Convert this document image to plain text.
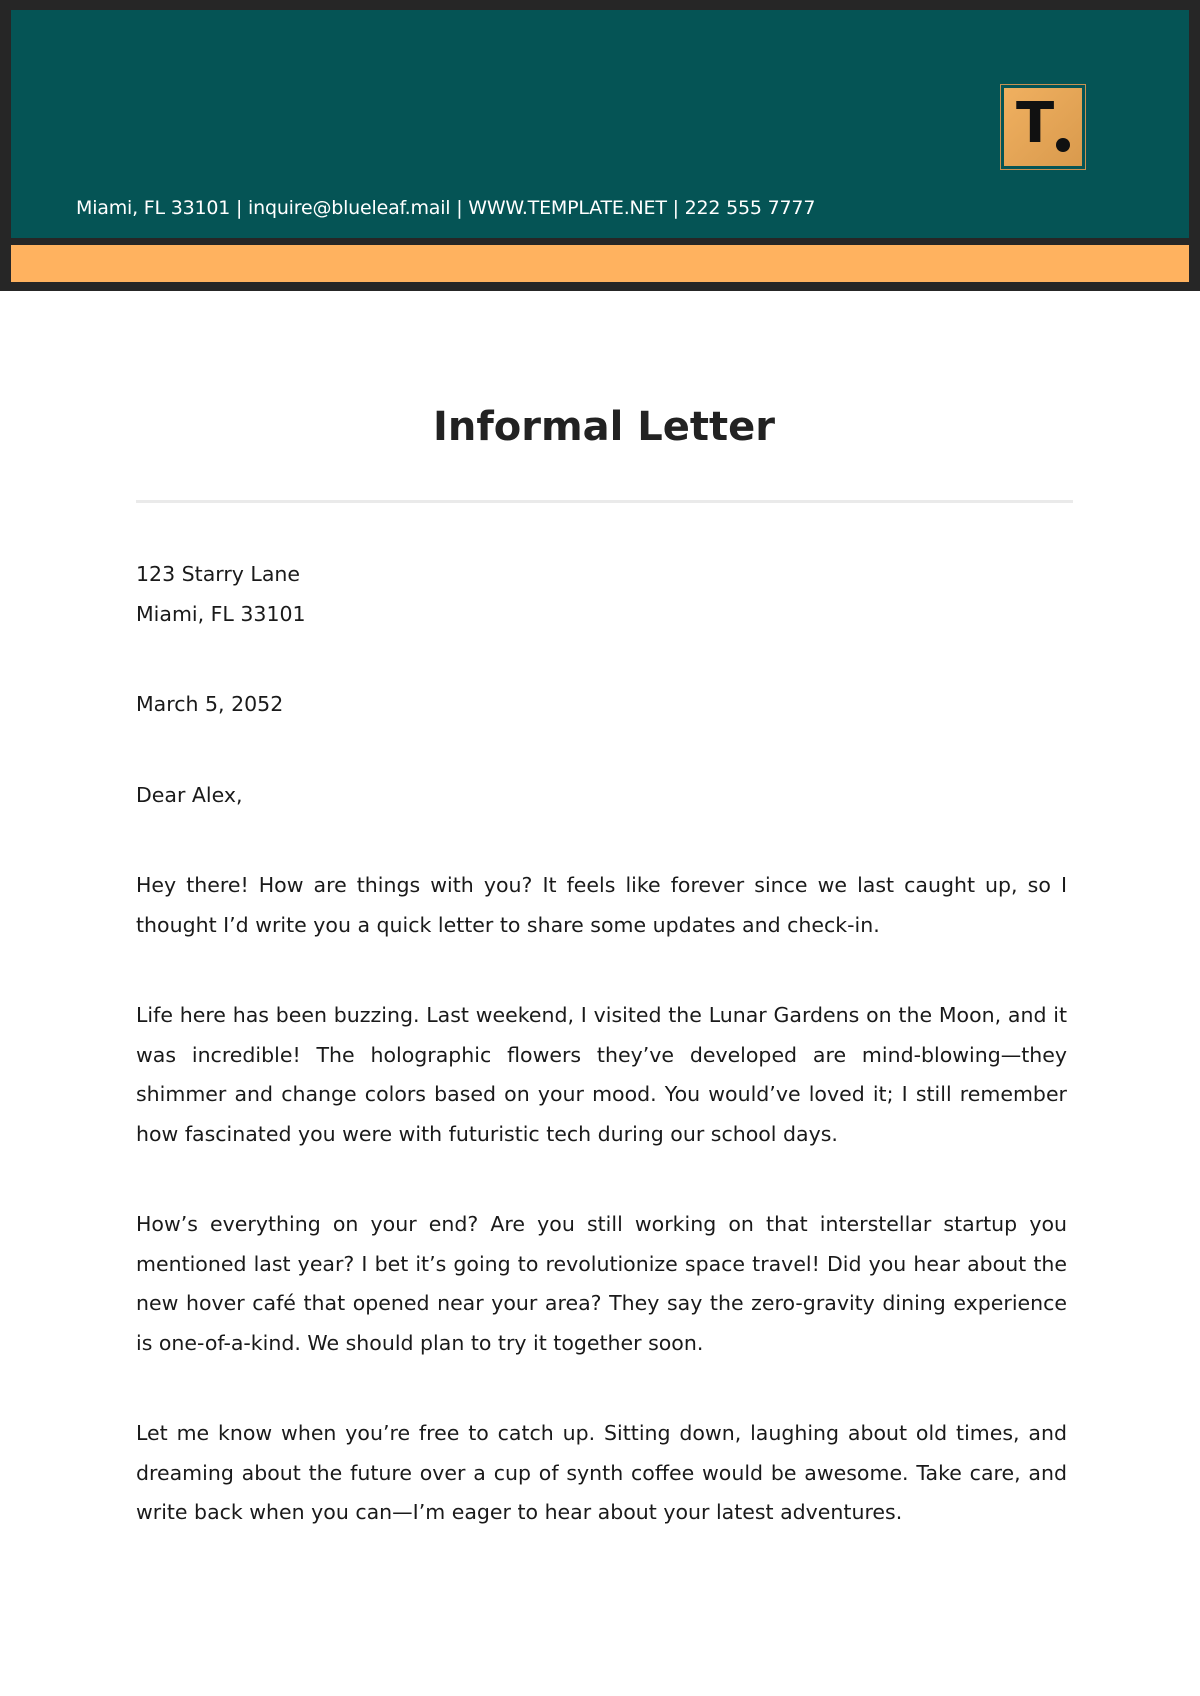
Miami, FL 33101 | inquire@blueleaf.mail | WWW.TEMPLATE.NET | 222 555 7777
T
Informal Letter

123 Starry Lane
Miami, FL 33101

March 5, 2052

Dear Alex,

Hey there! How are things with you? It feels like forever since we last caught up, so I thought I’d write you a quick letter to share some updates and check-in.

Life here has been buzzing. Last weekend, I visited the Lunar Gardens on the Moon, and it was incredible! The holographic flowers they’ve developed are mind-blowing—they shimmer and change colors based on your mood. You would’ve loved it; I still remember how fascinated you were with futuristic tech during our school days.

How’s everything on your end? Are you still working on that interstellar startup you mentioned last year? I bet it’s going to revolutionize space travel! Did you hear about the new hover café that opened near your area? They say the zero-gravity dining experience is one-of-a-kind. We should plan to try it together soon.

Let me know when you’re free to catch up. Sitting down, laughing about old times, and dreaming about the future over a cup of synth coffee would be awesome. Take care, and write back when you can—I’m eager to hear about your latest adventures.
